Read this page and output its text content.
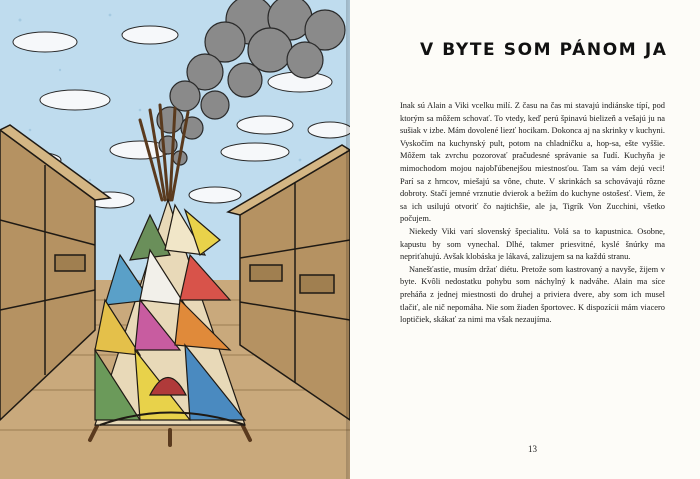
V BYTE SOM PÁNOM JA

Inak sú Alain a Viki vcelku milí. Z času na čas mi stavajú indiánske típí, pod ktorým sa môžem schovať. To vtedy, keď perú špinavú bielizeň a vešajú ju na sušiak v izbe. Mám dovolené liezť hocikam. Dokonca aj na skrinky v kuchyni. Vyskočím na kuchynský pult, potom na chladničku a, hop-sa, ešte vyššie. Môžem tak zvrchu pozorovať pračudesné správanie sa ľudí. Kuchyňa je mimochodom mojou najobľúbenejšou miestnosťou. Tam sa vám dejú veci! Parí sa z hrncov, miešajú sa vône, chute. V skrinkách sa schovávajú rôzne dobroty. Stačí jemné vrznutie dvierok a bežím do kuchyne ostošesť. Viem, že sa ich usilujú otvoriť čo najtichšie, ale ja, Tigrík Von Zucchini, všetko počujem.

Niekedy Viki varí slovenský špecialitu. Volá sa to kapustnica. Osobne, kapustu by som vynechal. Dlhé, takmer priesvitné, kyslé šnúrky ma nepriťahujú. Avšak klobáska je lákavá, zalizujem sa na každú stranu.

Nanešťastie, musím držať diétu. Pretože som kastrovaný a navyše, žijem v byte. Kvôli nedostatku pohybu som náchylný k nadváhe. Alain ma síce preháňa z jednej miestnosti do druhej a priviera dvere, aby som ich musel tlačiť, ale nič nepomáha. Nie som žiaden športovec. K dispozícii mám viacero loptičiek, skákať za nimi ma však nezaujíma.

13
